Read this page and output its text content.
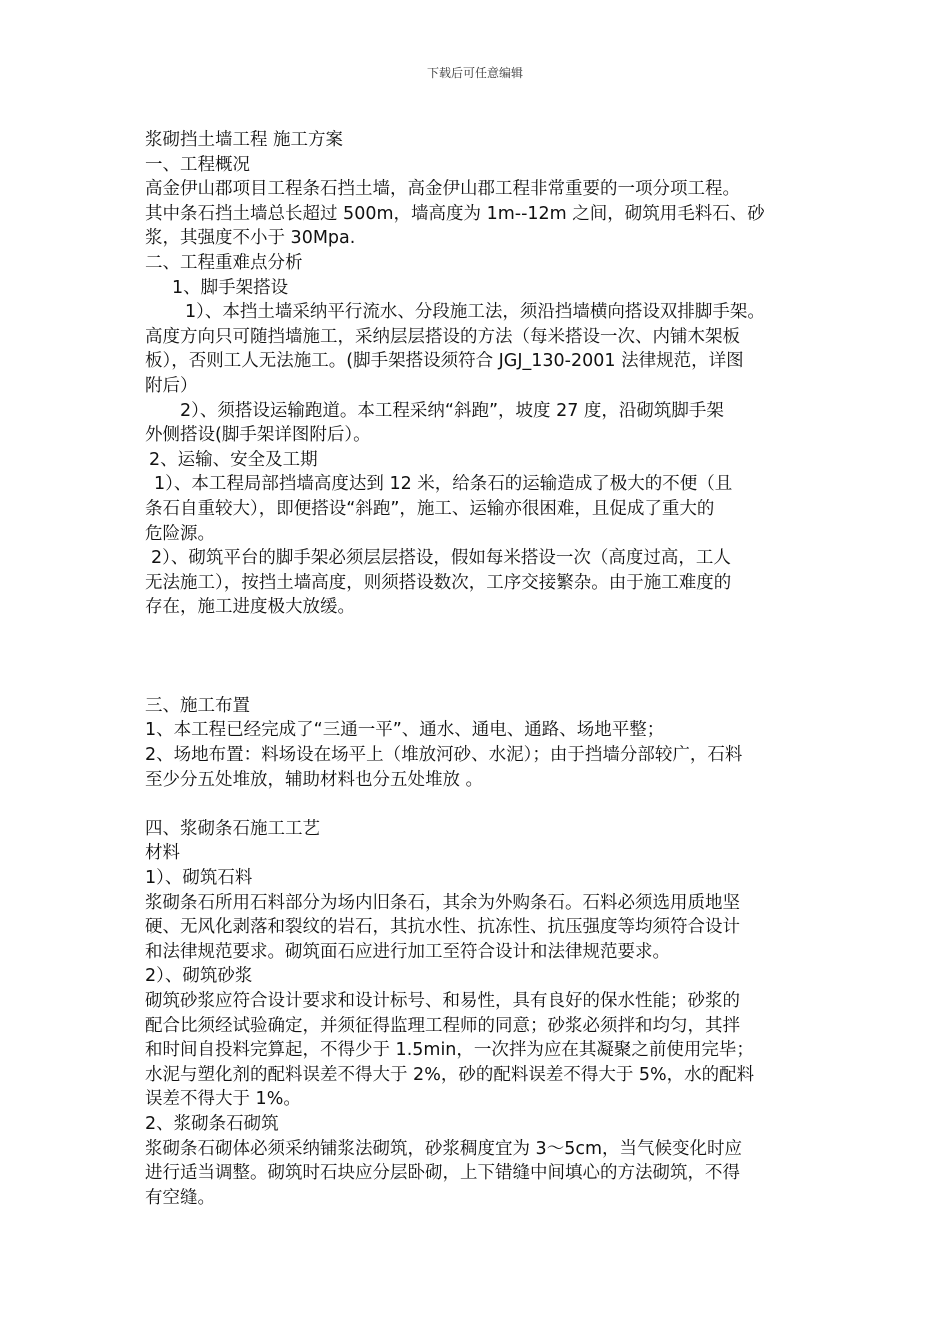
下载后可任意编辑
浆砌挡土墙工程 施工方案
一、工程概况
高金伊山郡项目工程条石挡土墙，高金伊山郡工程非常重要的一项分项工程。
其中条石挡土墙总长超过 500m，墙高度为 1m--12m 之间，砌筑用毛料石、砂
浆，其强度不小于 30Mpa.
二、工程重难点分析
1、脚手架搭设
1）、本挡土墙采纳平行流水、分段施工法，须沿挡墙横向搭设双排脚手架。
高度方向只可随挡墙施工，采纳层层搭设的方法（每米搭设一次、内铺木架板
板），否则工人无法施工。(脚手架搭设须符合 JGJ_130-2001 法律规范，详图
附后）
2）、须搭设运输跑道。本工程采纳“斜跑”，坡度 27 度，沿砌筑脚手架
外侧搭设(脚手架详图附后）。
2、运输、安全及工期
1）、本工程局部挡墙高度达到 12 米，给条石的运输造成了极大的不便（且
条石自重较大），即便搭设“斜跑”，施工、运输亦很困难，且促成了重大的
危险源。
2）、砌筑平台的脚手架必须层层搭设，假如每米搭设一次（高度过高，工人
无法施工），按挡土墙高度，则须搭设数次，工序交接繁杂。由于施工难度的
存在，施工进度极大放缓。
三、施工布置
1、本工程已经完成了“三通一平”、通水、通电、通路、场地平整；
2、场地布置：料场设在场平上（堆放河砂、水泥）；由于挡墙分部较广，石料
至少分五处堆放，辅助材料也分五处堆放 。
四、浆砌条石施工工艺
材料
1）、砌筑石料
浆砌条石所用石料部分为场内旧条石，其余为外购条石。石料必须选用质地坚
硬、无风化剥落和裂纹的岩石，其抗水性、抗冻性、抗压强度等均须符合设计
和法律规范要求。砌筑面石应进行加工至符合设计和法律规范要求。
2）、砌筑砂浆
砌筑砂浆应符合设计要求和设计标号、和易性，具有良好的保水性能；砂浆的
配合比须经试验确定，并须征得监理工程师的同意；砂浆必须拌和均匀，其拌
和时间自投料完算起，不得少于 1.5min，一次拌为应在其凝聚之前使用完毕；
水泥与塑化剂的配料误差不得大于 2%，砂的配料误差不得大于 5%，水的配料
误差不得大于 1%。
2、浆砌条石砌筑
浆砌条石砌体必须采纳铺浆法砌筑，砂浆稠度宜为 3～5cm，当气候变化时应
进行适当调整。砌筑时石块应分层卧砌，上下错缝中间填心的方法砌筑，不得
有空缝。
